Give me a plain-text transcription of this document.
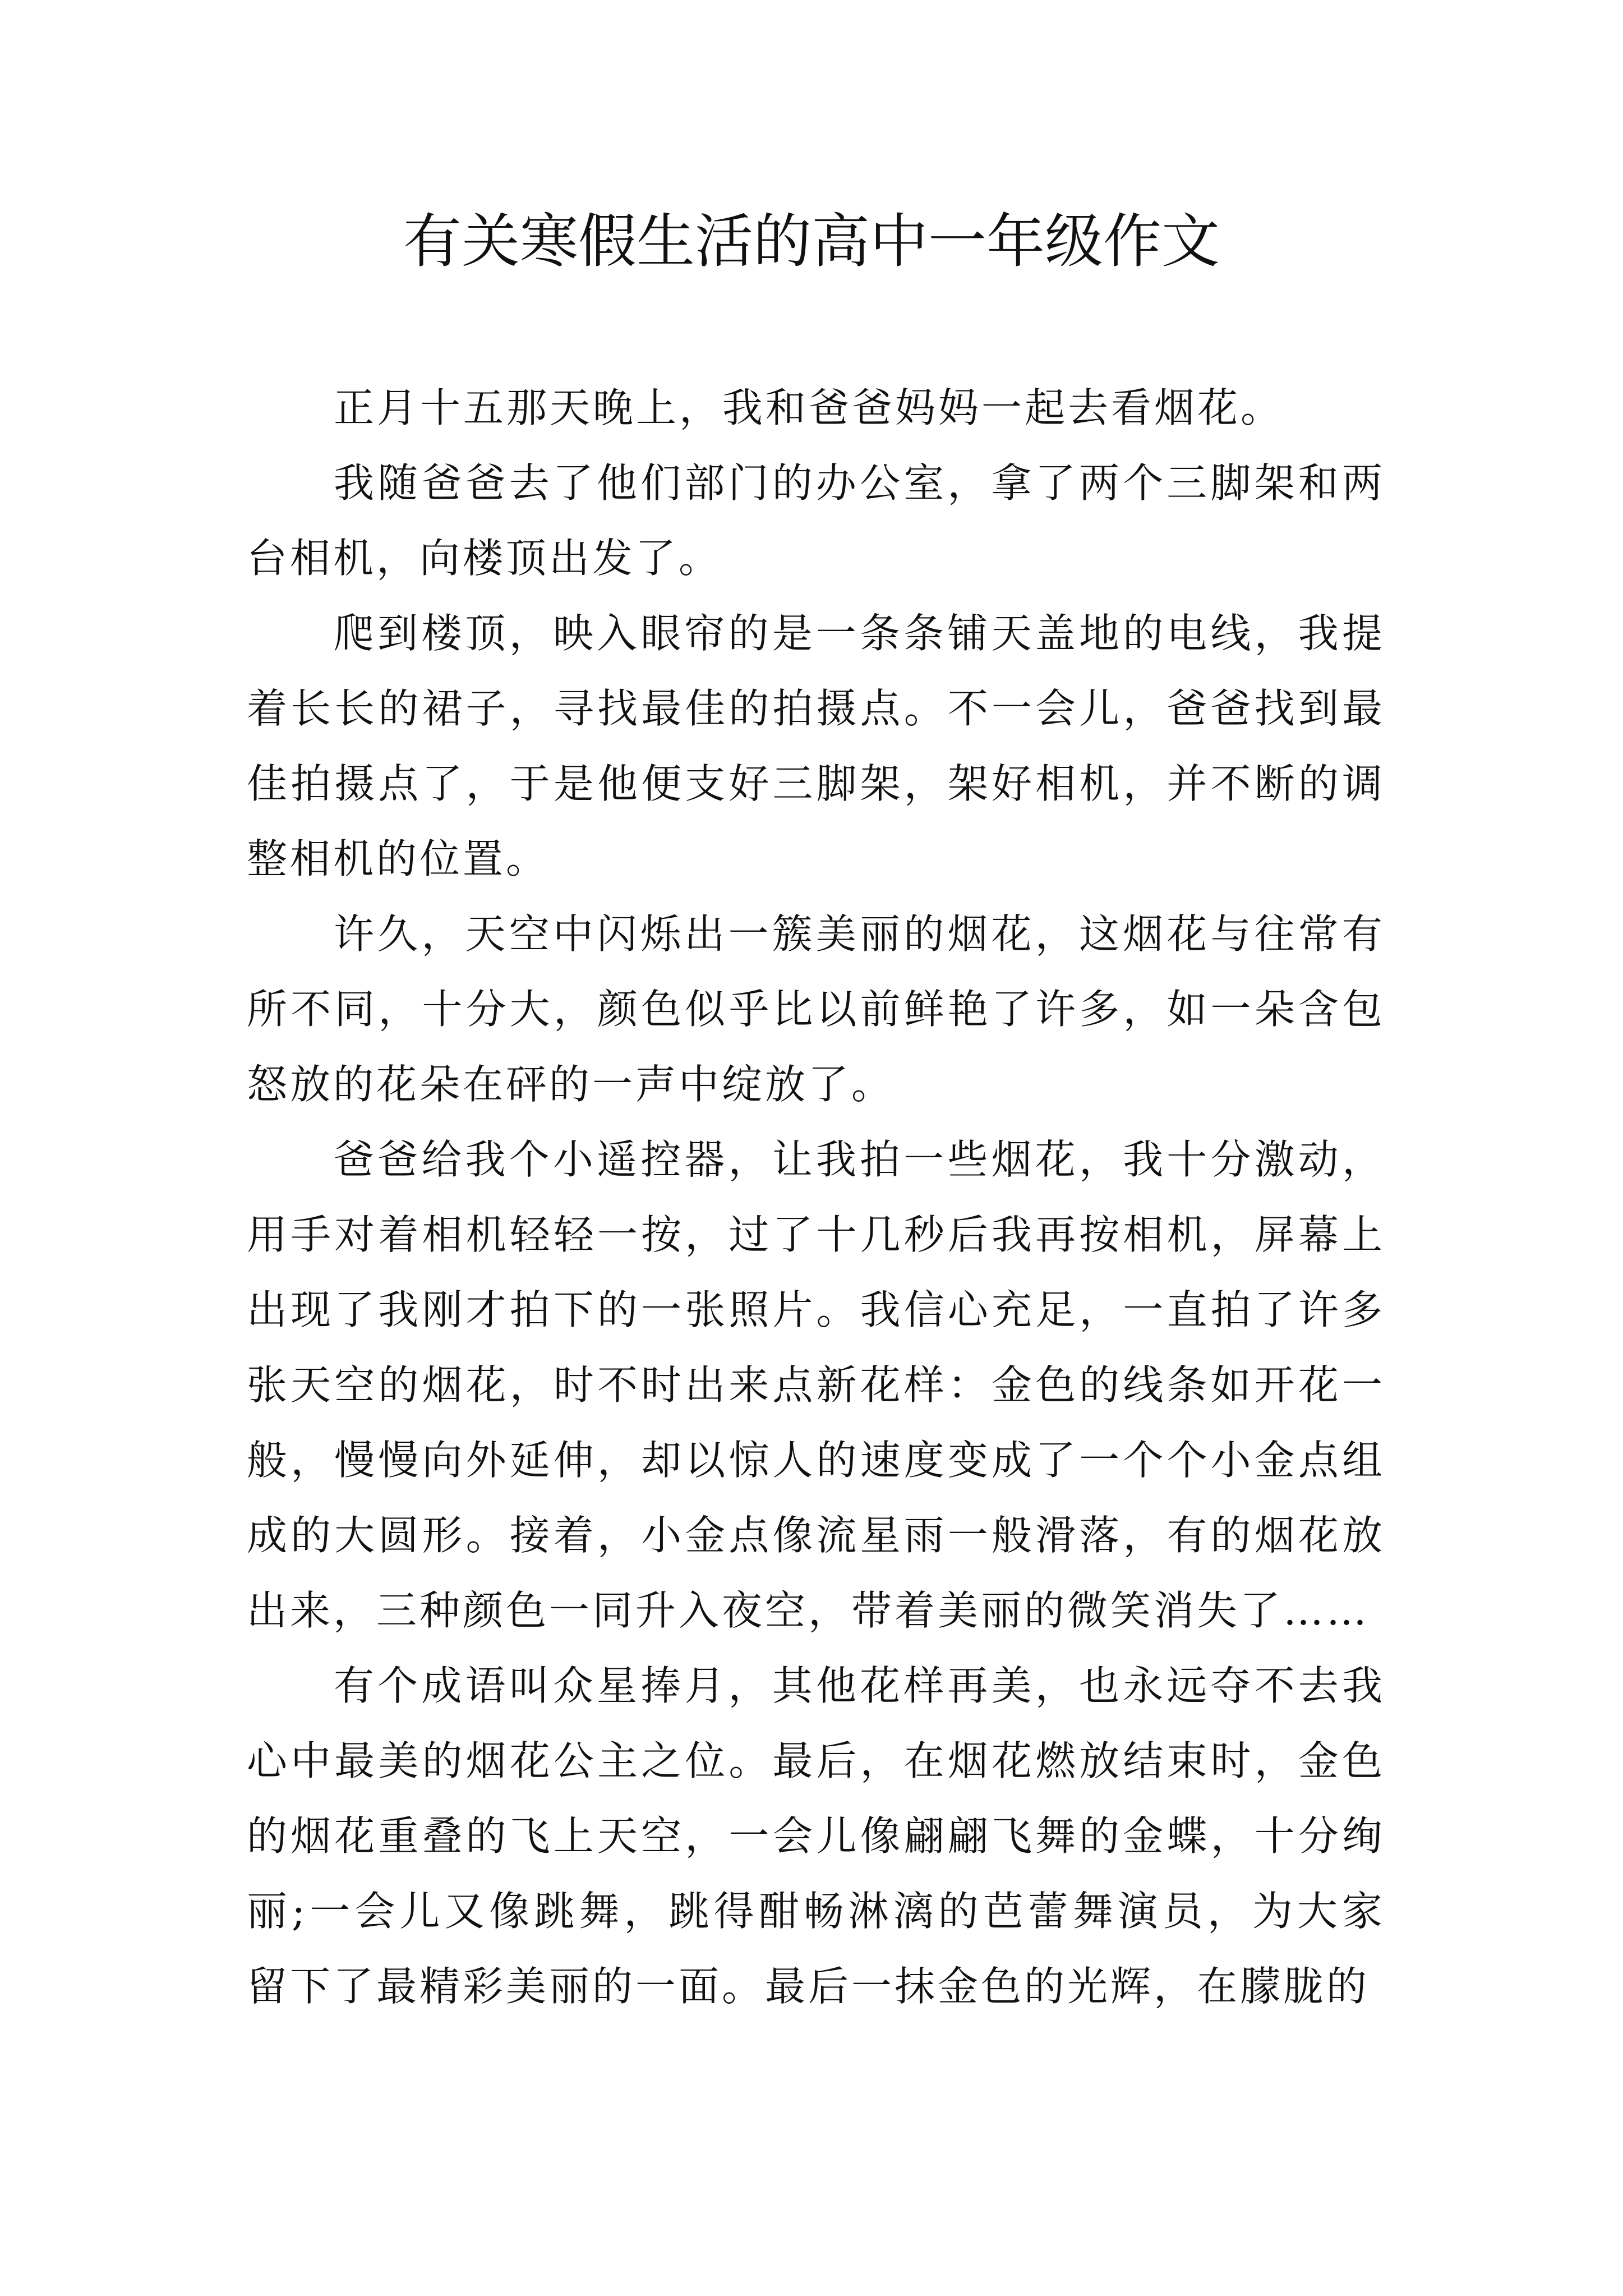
有关寒假生活的高中一年级作文

正月十五那天晚上，我和爸爸妈妈一起去看烟花。

我随爸爸去了他们部门的办公室，拿了两个三脚架和两台相机，向楼顶出发了。

爬到楼顶，映入眼帘的是一条条铺天盖地的电线，我提着长长的裙子，寻找最佳的拍摄点。不一会儿，爸爸找到最佳拍摄点了，于是他便支好三脚架，架好相机，并不断的调整相机的位置。

许久，天空中闪烁出一簇美丽的烟花，这烟花与往常有所不同，十分大，颜色似乎比以前鲜艳了许多，如一朵含包怒放的花朵在砰的一声中绽放了。

爸爸给我个小遥控器，让我拍一些烟花，我十分激动，用手对着相机轻轻一按，过了十几秒后我再按相机，屏幕上出现了我刚才拍下的一张照片。我信心充足，一直拍了许多张天空的烟花，时不时出来点新花样：金色的线条如开花一般，慢慢向外延伸，却以惊人的速度变成了一个个小金点组成的大圆形。接着，小金点像流星雨一般滑落，有的烟花放出来，三种颜色一同升入夜空，带着美丽的微笑消失了……

有个成语叫众星捧月，其他花样再美，也永远夺不去我心中最美的烟花公主之位。最后，在烟花燃放结束时，金色的烟花重叠的飞上天空，一会儿像翩翩飞舞的金蝶，十分绚丽;一会儿又像跳舞，跳得酣畅淋漓的芭蕾舞演员，为大家留下了最精彩美丽的一面。最后一抹金色的光辉，在朦胧的
